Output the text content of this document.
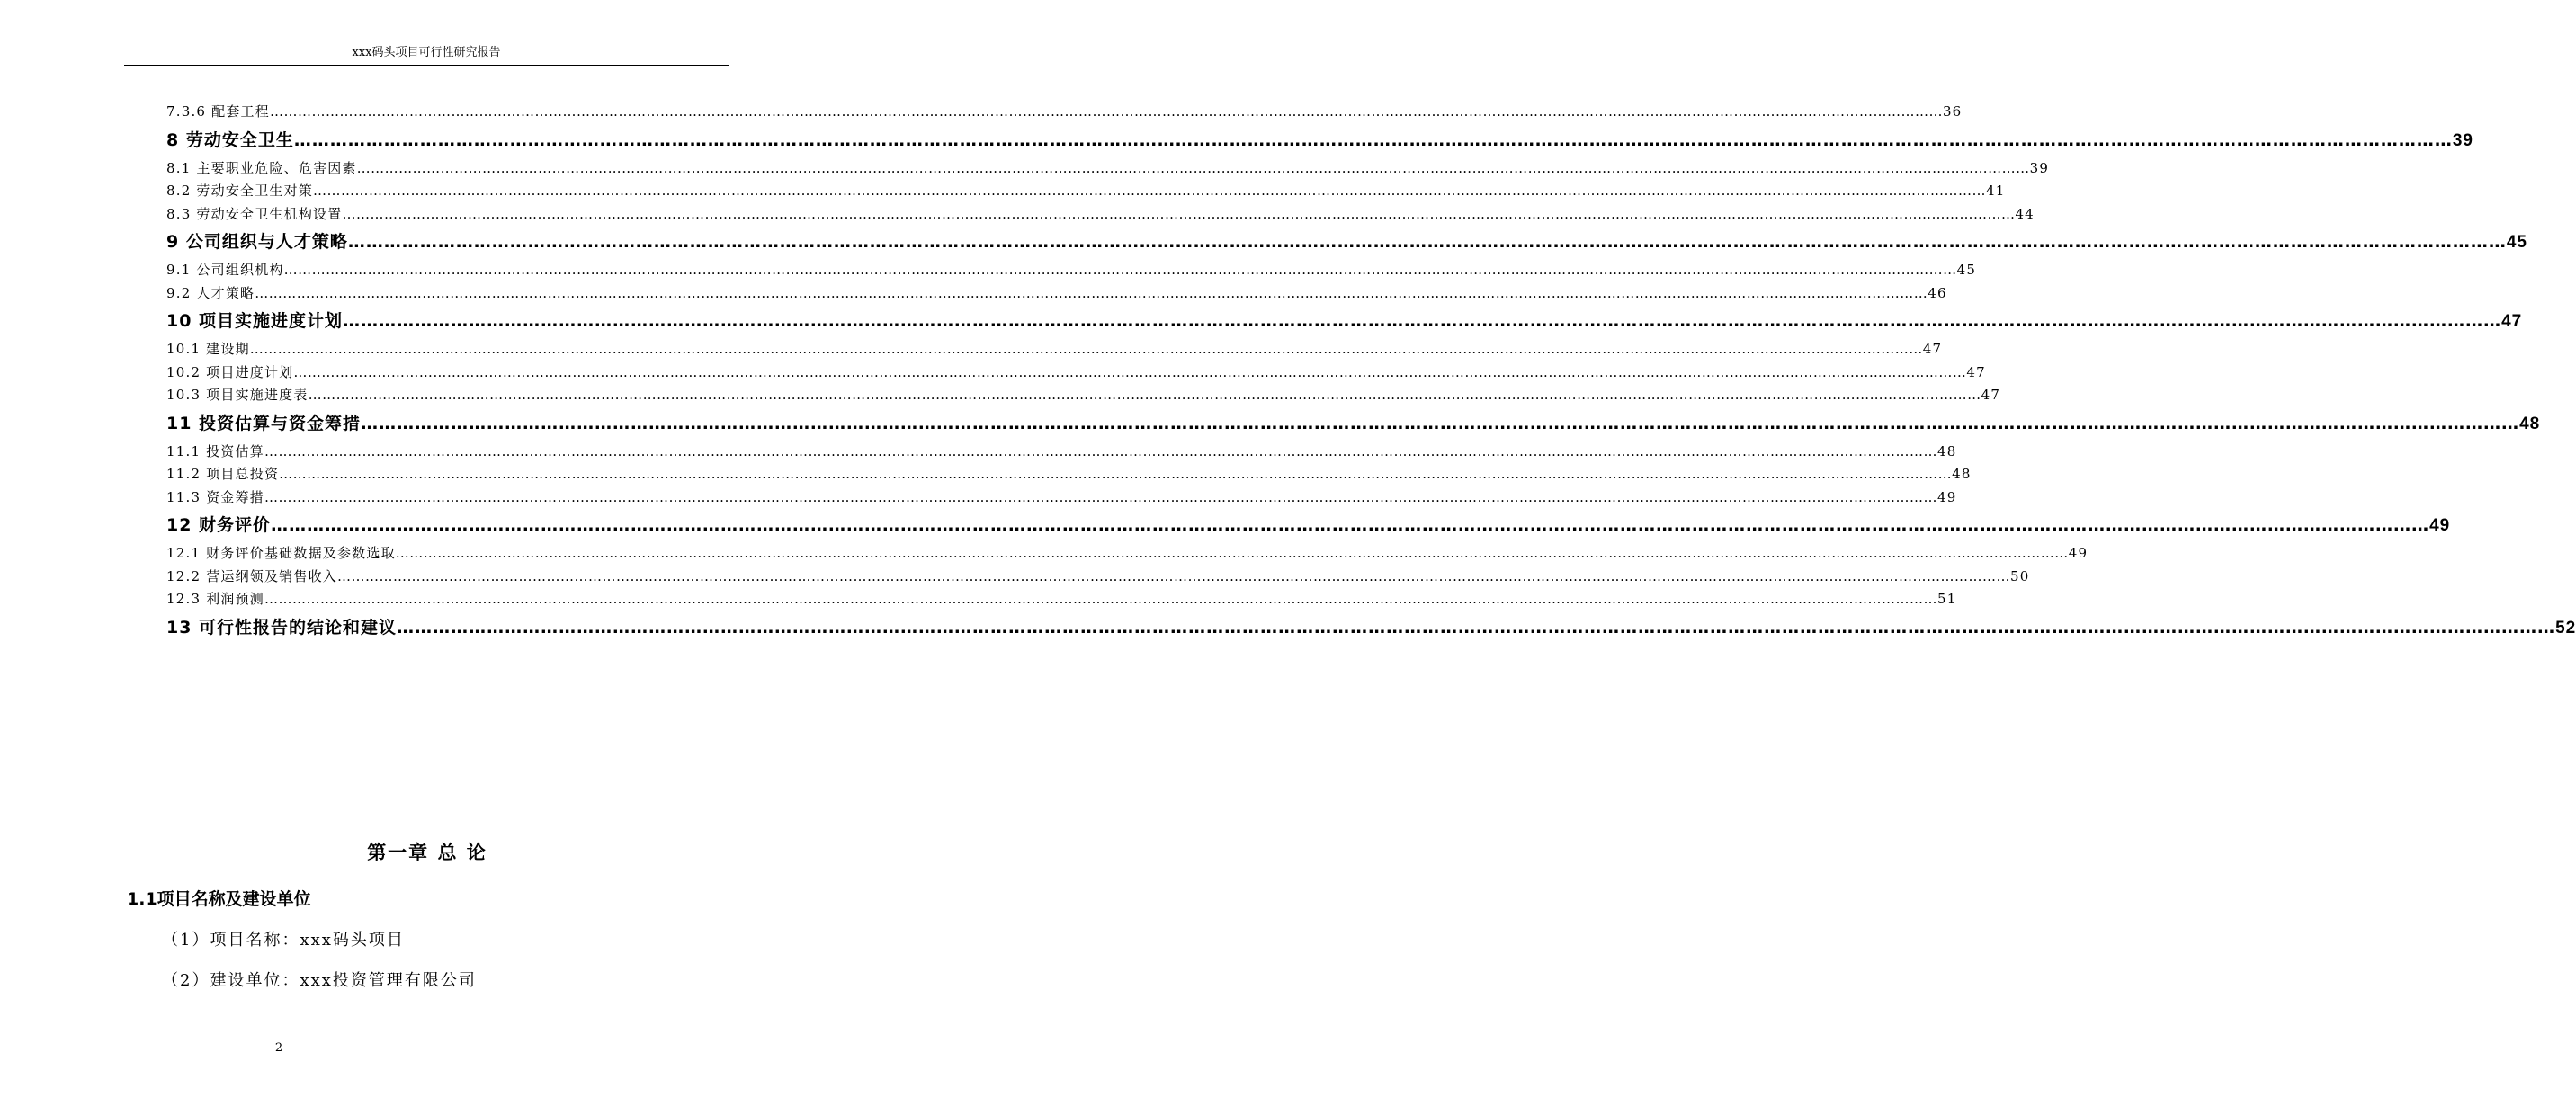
xxx码头项目可行性研究报告
7.3.6 配套工程 ……………………………………………………………………………………………………………………………………………………………………………………………………………………………………………………………………………………………………………………………… 36
8 劳动安全卫生 ……………………………………………………………………………………………………………………………………………………………………………………………………………………………………………………………………………………………………………………………… 39
8.1 主要职业危险、危害因素 ……………………………………………………………………………………………………………………………………………………………………………………………………………………………………………………………………………………………………………………………… 39
8.2 劳动安全卫生对策 ……………………………………………………………………………………………………………………………………………………………………………………………………………………………………………………………………………………………………………………………… 41
8.3 劳动安全卫生机构设置 ……………………………………………………………………………………………………………………………………………………………………………………………………………………………………………………………………………………………………………………………… 44
9 公司组织与人才策略 ……………………………………………………………………………………………………………………………………………………………………………………………………………………………………………………………………………………………………………………………… 45
9.1 公司组织机构 ……………………………………………………………………………………………………………………………………………………………………………………………………………………………………………………………………………………………………………………………… 45
9.2 人才策略 ……………………………………………………………………………………………………………………………………………………………………………………………………………………………………………………………………………………………………………………………… 46
10 项目实施进度计划 ……………………………………………………………………………………………………………………………………………………………………………………………………………………………………………………………………………………………………………………………… 47
10.1 建设期 ……………………………………………………………………………………………………………………………………………………………………………………………………………………………………………………………………………………………………………………………… 47
10.2 项目进度计划 ……………………………………………………………………………………………………………………………………………………………………………………………………………………………………………………………………………………………………………………………… 47
10.3 项目实施进度表 ……………………………………………………………………………………………………………………………………………………………………………………………………………………………………………………………………………………………………………………………… 47
11 投资估算与资金筹措 ……………………………………………………………………………………………………………………………………………………………………………………………………………………………………………………………………………………………………………………………… 48
11.1 投资估算 ……………………………………………………………………………………………………………………………………………………………………………………………………………………………………………………………………………………………………………………………… 48
11.2 项目总投资 ……………………………………………………………………………………………………………………………………………………………………………………………………………………………………………………………………………………………………………………………… 48
11.3 资金筹措 ……………………………………………………………………………………………………………………………………………………………………………………………………………………………………………………………………………………………………………………………… 49
12 财务评价 ……………………………………………………………………………………………………………………………………………………………………………………………………………………………………………………………………………………………………………………………… 49
12.1 财务评价基础数据及参数选取 ……………………………………………………………………………………………………………………………………………………………………………………………………………………………………………………………………………………………………………………………… 49
12.2 营运纲领及销售收入 ……………………………………………………………………………………………………………………………………………………………………………………………………………………………………………………………………………………………………………………………… 50
12.3 利润预测 ……………………………………………………………………………………………………………………………………………………………………………………………………………………………………………………………………………………………………………………………… 51
13 可行性报告的结论和建议 ……………………………………………………………………………………………………………………………………………………………………………………………………………………………………………………………………………………………………………………………… 52
第一章 总 论
1.1项目名称及建设单位
（1）项目名称：xxx码头项目
（2）建设单位：xxx投资管理有限公司
2
